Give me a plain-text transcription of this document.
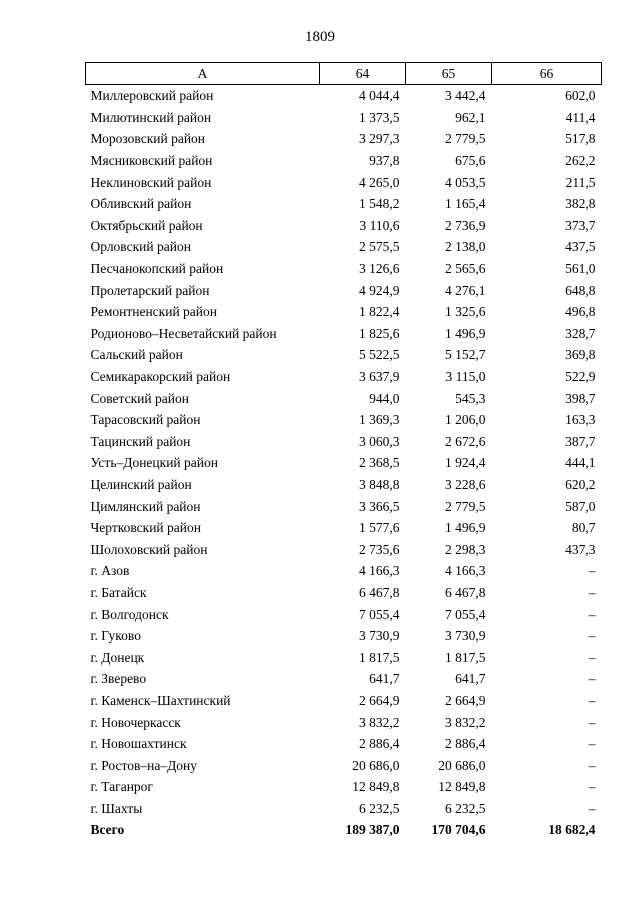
1809
А	64	65	66
Миллеровский район	4 044,4	3 442,4	602,0
Милютинский район	1 373,5	962,1	411,4
Морозовский район	3 297,3	2 779,5	517,8
Мясниковский район	937,8	675,6	262,2
Неклиновский район	4 265,0	4 053,5	211,5
Обливский район	1 548,2	1 165,4	382,8
Октябрьский район	3 110,6	2 736,9	373,7
Орловский район	2 575,5	2 138,0	437,5
Песчанокопский район	3 126,6	2 565,6	561,0
Пролетарский район	4 924,9	4 276,1	648,8
Ремонтненский район	1 822,4	1 325,6	496,8
Родионово–Несветайский район	1 825,6	1 496,9	328,7
Сальский район	5 522,5	5 152,7	369,8
Семикаракорский район	3 637,9	3 115,0	522,9
Советский район	944,0	545,3	398,7
Тарасовский район	1 369,3	1 206,0	163,3
Тацинский район	3 060,3	2 672,6	387,7
Усть–Донецкий район	2 368,5	1 924,4	444,1
Целинский район	3 848,8	3 228,6	620,2
Цимлянский район	3 366,5	2 779,5	587,0
Чертковский район	1 577,6	1 496,9	80,7
Шолоховский район	2 735,6	2 298,3	437,3
г. Азов	4 166,3	4 166,3	–
г. Батайск	6 467,8	6 467,8	–
г. Волгодонск	7 055,4	7 055,4	–
г. Гуково	3 730,9	3 730,9	–
г. Донецк	1 817,5	1 817,5	–
г. Зверево	641,7	641,7	–
г. Каменск–Шахтинский	2 664,9	2 664,9	–
г. Новочеркасск	3 832,2	3 832,2	–
г. Новошахтинск	2 886,4	2 886,4	–
г. Ростов–на–Дону	20 686,0	20 686,0	–
г. Таганрог	12 849,8	12 849,8	–
г. Шахты	6 232,5	6 232,5	–
Всего	189 387,0	170 704,6	18 682,4
